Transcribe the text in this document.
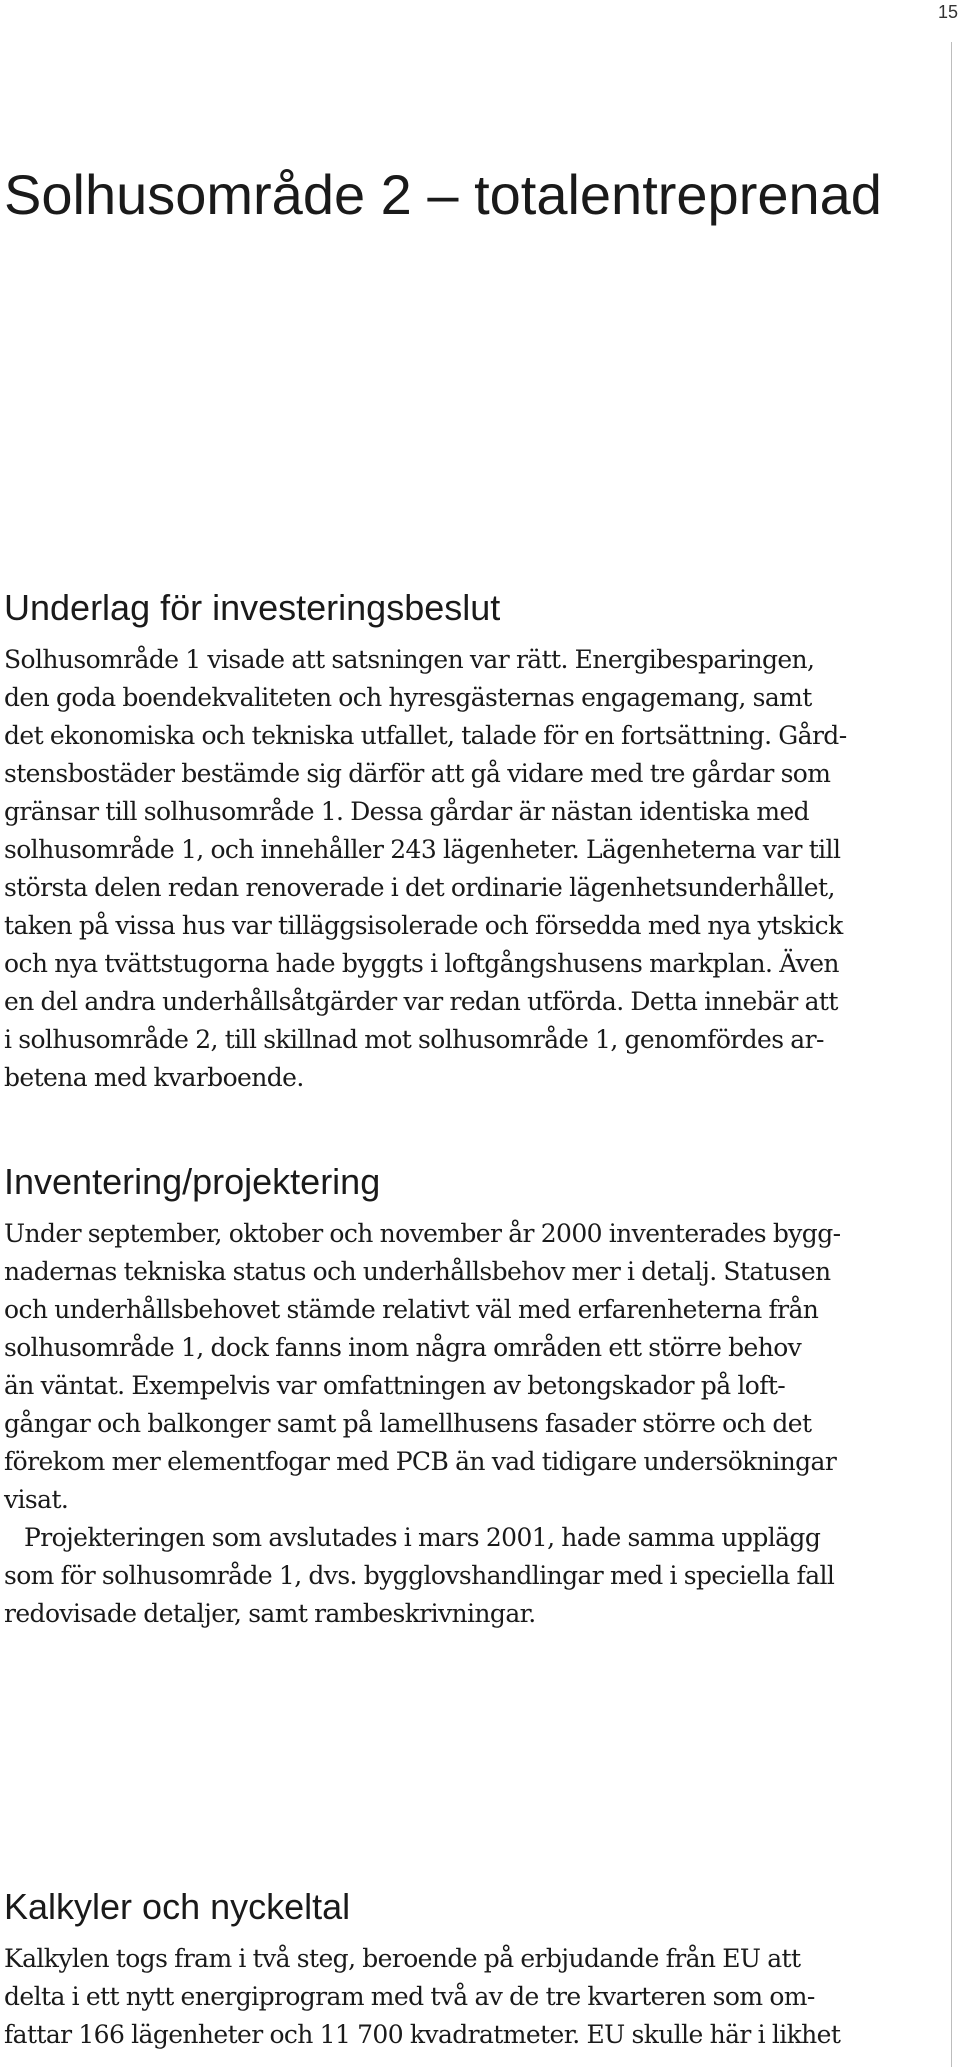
15
Solhusområde 2 – totalentreprenad
Underlag för investeringsbeslut

Solhusområde 1 visade att satsningen var rätt. Energibesparingen,
den goda boendekvaliteten och hyresgästernas engagemang, samt
det ekonomiska och tekniska utfallet, talade för en fortsättning. Gård-
stensbostäder bestämde sig därför att gå vidare med tre gårdar som
gränsar till solhusområde 1. Dessa gårdar är nästan identiska med
solhusområde 1, och innehåller 243 lägenheter. Lägenheterna var till
största delen redan renoverade i det ordinarie lägenhetsunderhållet,
taken på vissa hus var tilläggsisolerade och försedda med nya ytskick
och nya tvättstugorna hade byggts i loftgångshusens markplan. Även
en del andra underhållsåtgärder var redan utförda. Detta innebär att
i solhusområde 2, till skillnad mot solhusområde 1, genomfördes ar-
betena med kvarboende.

Inventering/projektering

Under september, oktober och november år 2000 inventerades bygg-
nadernas tekniska status och underhållsbehov mer i detalj. Statusen
och underhållsbehovet stämde relativt väl med erfarenheterna från
solhusområde 1, dock fanns inom några områden ett större behov
än väntat. Exempelvis var omfattningen av betongskador på loft-
gångar och balkonger samt på lamellhusens fasader större och det
förekom mer elementfogar med PCB än vad tidigare undersökningar
visat.

Projekteringen som avslutades i mars 2001, hade samma upplägg
som för solhusområde 1, dvs. bygglovshandlingar med i speciella fall
redovisade detaljer, samt rambeskrivningar.

Kalkyler och nyckeltal

Kalkylen togs fram i två steg, beroende på erbjudande från EU att
delta i ett nytt energiprogram med två av de tre kvarteren som om-
fattar 166 lägenheter och 11 700 kvadratmeter. EU skulle här i likhet
